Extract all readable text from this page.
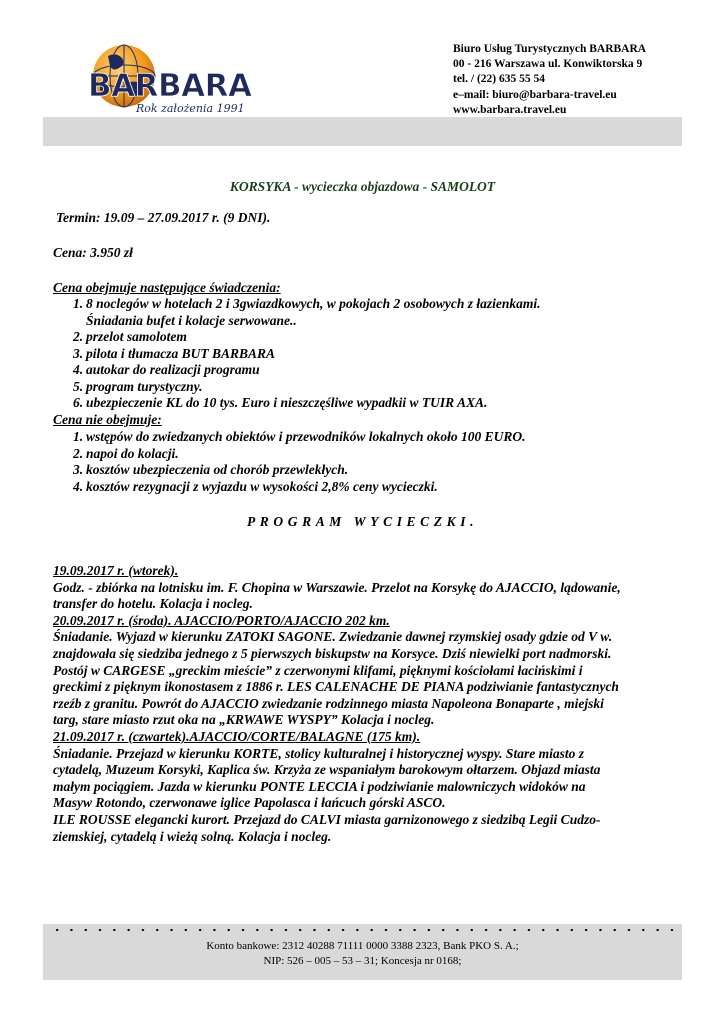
BARBARA
Rok założenia 1991
Biuro Usług Turystycznych BARBARA
00 - 216 Warszawa ul. Konwiktorska 9
tel. / (22) 635 55 54
e–mail: biuro@barbara-travel.eu
www.barbara.travel.eu
KORSYKA - wycieczka objazdowa - SAMOLOT
Termin: 19.09 – 27.09.2017 r. (9 DNI).
Cena: 3.950 zł
Cena obejmuje następujące świadczenia:
1. 8 noclegów w hotelach 2 i 3gwiazdkowych, w pokojach 2 osobowych z łazienkami. Śniadania bufet i kolacje serwowane..
2. przelot samolotem
3. pilota i tłumacza BUT BARBARA
4. autokar do realizacji programu
5. program turystyczny.
6. ubezpieczenie KL do 10 tys. Euro i nieszczęśliwe wypadkii w TUIR AXA.
Cena nie obejmuje:
1. wstępów do zwiedzanych obiektów i przewodników lokalnych około 100 EURO.
2. napoi do kolacji.
3. kosztów ubezpieczenia od chorób przewlekłych.
4. kosztów rezygnacji z wyjazdu w wysokości 2,8% ceny wycieczki.
PROGRAM WYCIECZKI.
19.09.2017 r. (wtorek).

Godz. - zbiórka na lotnisku im. F. Chopina w Warszawie. Przelot na Korsykę do AJACCIO, lądowanie,

transfer do hotelu. Kolacja i nocleg.

20.09.2017 r. (środa). AJACCIO/PORTO/AJACCIO 202 km.

Śniadanie. Wyjazd w kierunku ZATOKI SAGONE. Zwiedzanie dawnej rzymskiej osady gdzie od V w.

znajdowała się siedziba jednego z 5 pierwszych biskupstw na Korsyce. Dziś niewielki port nadmorski.

Postój w CARGESE „greckim mieście” z czerwonymi klifami, pięknymi kościołami łacińskimi i

greckimi z pięknym ikonostasem z 1886 r. LES CALENACHE DE PIANA podziwianie fantastycznych

rzeźb z granitu. Powrót do AJACCIO zwiedzanie rodzinnego miasta Napoleona Bonaparte , miejski

targ, stare miasto rzut oka na „KRWAWE WYSPY” Kolacja i nocleg.

21.09.2017 r. (czwartek).AJACCIO/CORTE/BALAGNE (175 km).

Śniadanie. Przejazd w kierunku KORTE, stolicy kulturalnej i historycznej wyspy. Stare miasto z

cytadelą, Muzeum Korsyki, Kaplica św. Krzyża ze wspaniałym barokowym ołtarzem. Objazd miasta

małym pociągiem. Jazda w kierunku PONTE LECCIA i podziwianie malowniczych widoków na

Masyw Rotondo, czerwonawe iglice Papolasca i łańcuch górski ASCO.

ILE ROUSSE elegancki kurort. Przejazd do CALVI miasta garnizonowego z siedzibą Legii Cudzo-

ziemskiej, cytadelą i wieżą solną. Kolacja i nocleg.

Konto bankowe: 2312 40288 71111 0000 3388 2323, Bank PKO S. A.;
NIP: 526 – 005 – 53 – 31; Koncesja nr 0168;
